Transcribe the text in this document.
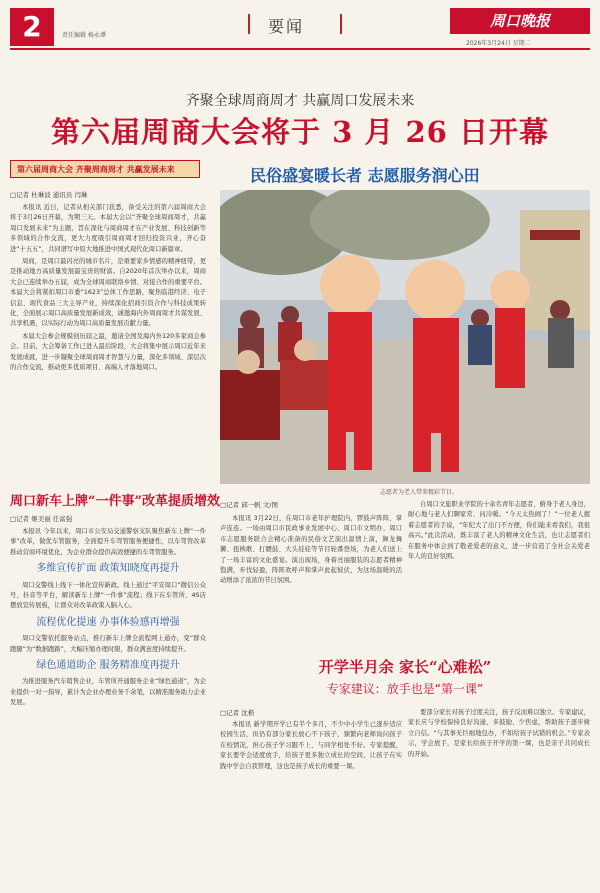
2	责任编辑 杨永谭	要闻	周口晚报
2026年3月24日 星期二
齐聚全球周商周才 共赢周口发展未来
第六届周商大会将于 3 月 26 日开幕
第六届周商大会 齐聚周商周才 共赢发展未来	民俗盛宴暖长者 志愿服务润心田
□记者 杜琳波 通讯员 闫琳

本报讯 近日，记者从相关部门获悉，备受关注的第六届周商大会将于3月26日开幕，为期三天。本届大会以“齐聚全球周商周才，共赢周口发展未来”为主题，旨在深化与周商周才在产业发展、科技创新等多领域的合作交流，更大力度吸引周商周才回归投资兴业，齐心奋进“十五五”，共同谱写中原大地推进中国式现代化周口新篇章。

周商，是周口最闪亮的城市名片，是重要家乡情感的精神纽带，更是推动地方高质量发展最宝贵的财富。自2020年首次举办以来，周商大会已连续举办五届，成为全球周商联络乡情、对接合作的重要平台。本届大会将紧扣周口市委“1623”总体工作思路，聚焦临港经济、电子信息、现代食品三大主导产业，持续深化招商引资合作与科技成果转化，全面展示周口高质量发展新成效，诚邀海内外周商周才共谋发展、共享机遇，以实际行动为周口高质量发展贡献力量。

本届大会参会规模创历届之最，邀请全国及海内外120多家商会参会。目前，大会筹备工作已进入最后阶段，大会将集中展示周口近年来发展成就，进一步凝聚全球周商周才智慧与力量，深化多领域、深层次的合作交流，推动更多优质项目、高端人才落地周口。

周口新车上牌“一件事”改革提质增效
□记者 姬美丽 任富强

本报讯 今年以来，周口市公安局交通警察支队聚焦新车上牌“一件事”改革，做优车管服务，全面提升车驾管服务便捷性，以车驾管改革推动营商环境优化，为企业群众提供高效便捷的车驾管服务。

多维宣传扩面 政策知晓度再提升

周口交警线上线下一体化宣传新政。线上通过“平安周口”微信公众号、抖音等平台，解读新车上牌“一件事”流程；线下在车管所、4S店摆放宣传展板，让群众对改革政策入脑入心。

流程优化提速 办事体验感再增强

周口交警依托服务站点，推行新车上牌全流程网上通办，变“群众跑腿”为“数据跑路”，大幅压缩办理时限，群众满意度持续提升。

绿色通道助企 服务精准度再提升

为推进服务汽车销售企业，车管所开通服务企业“绿色通道”，为企业提供一对一指导，累计为企业办理业务千余笔，以精准服务助力企业发展。

志愿者为老人带来精彩节目。
□记者 邱一帆 文/图
本报讯 3月22日，在周口市老年护理院内，锣鼓声阵阵、掌声连连。一场由周口市民政事业发展中心、周口市文明办、周口市志愿服务联合会精心准备的民俗文艺演出温情上演，舞龙舞狮、扭秧歌、打腰鼓、大头娃娃等节目轮番登场，为老人们送上了一场丰富的文化盛宴。演出现场，身着亮丽服装的志愿者精神饱满，步伐轻盈，阵阵欢呼声和掌声此起彼伏，为这场温暖的活动增添了浓浓的节日氛围。
自周口文旅职业学院的十余名青年志愿者，俯身于老人身边，耐心地与老人们聊家常、问冷暖。“今天太热闹了！”一位老人握着志愿者的手说，“年纪大了出门不方便，你们能来看我们，我很高兴。”此次活动，既丰富了老人的精神文化生活，也让志愿者们在服务中体会到了敬老爱老的意义，进一步营造了全社会关爱老年人的良好氛围。
开学半月余 家长“心难松”
专家建议：放手也是“第一课”
□记者 沈楷
本报讯 新学期开学已有半个多月，不少中小学生已逐步适应校园生活，但仍有部分家长放心不下孩子，频繁向老师询问孩子在校情况，担心孩子学习跟不上、与同学相处不好。专家提醒，家长要学会适度放手，给孩子更多独立成长的空间，让孩子在实践中学会自我管理，这也是孩子成长的重要一课。
要部分家长对孩子过度关注，孩子反而难以独立。专家建议，家长应与学校保持良好沟通，多鼓励、少焦虑，帮助孩子逐步树立自信。“与其事无巨细地包办，不如给孩子试错的机会。”专家表示，学会放手，是家长给孩子开学的第一课，也是亲子共同成长的开始。
